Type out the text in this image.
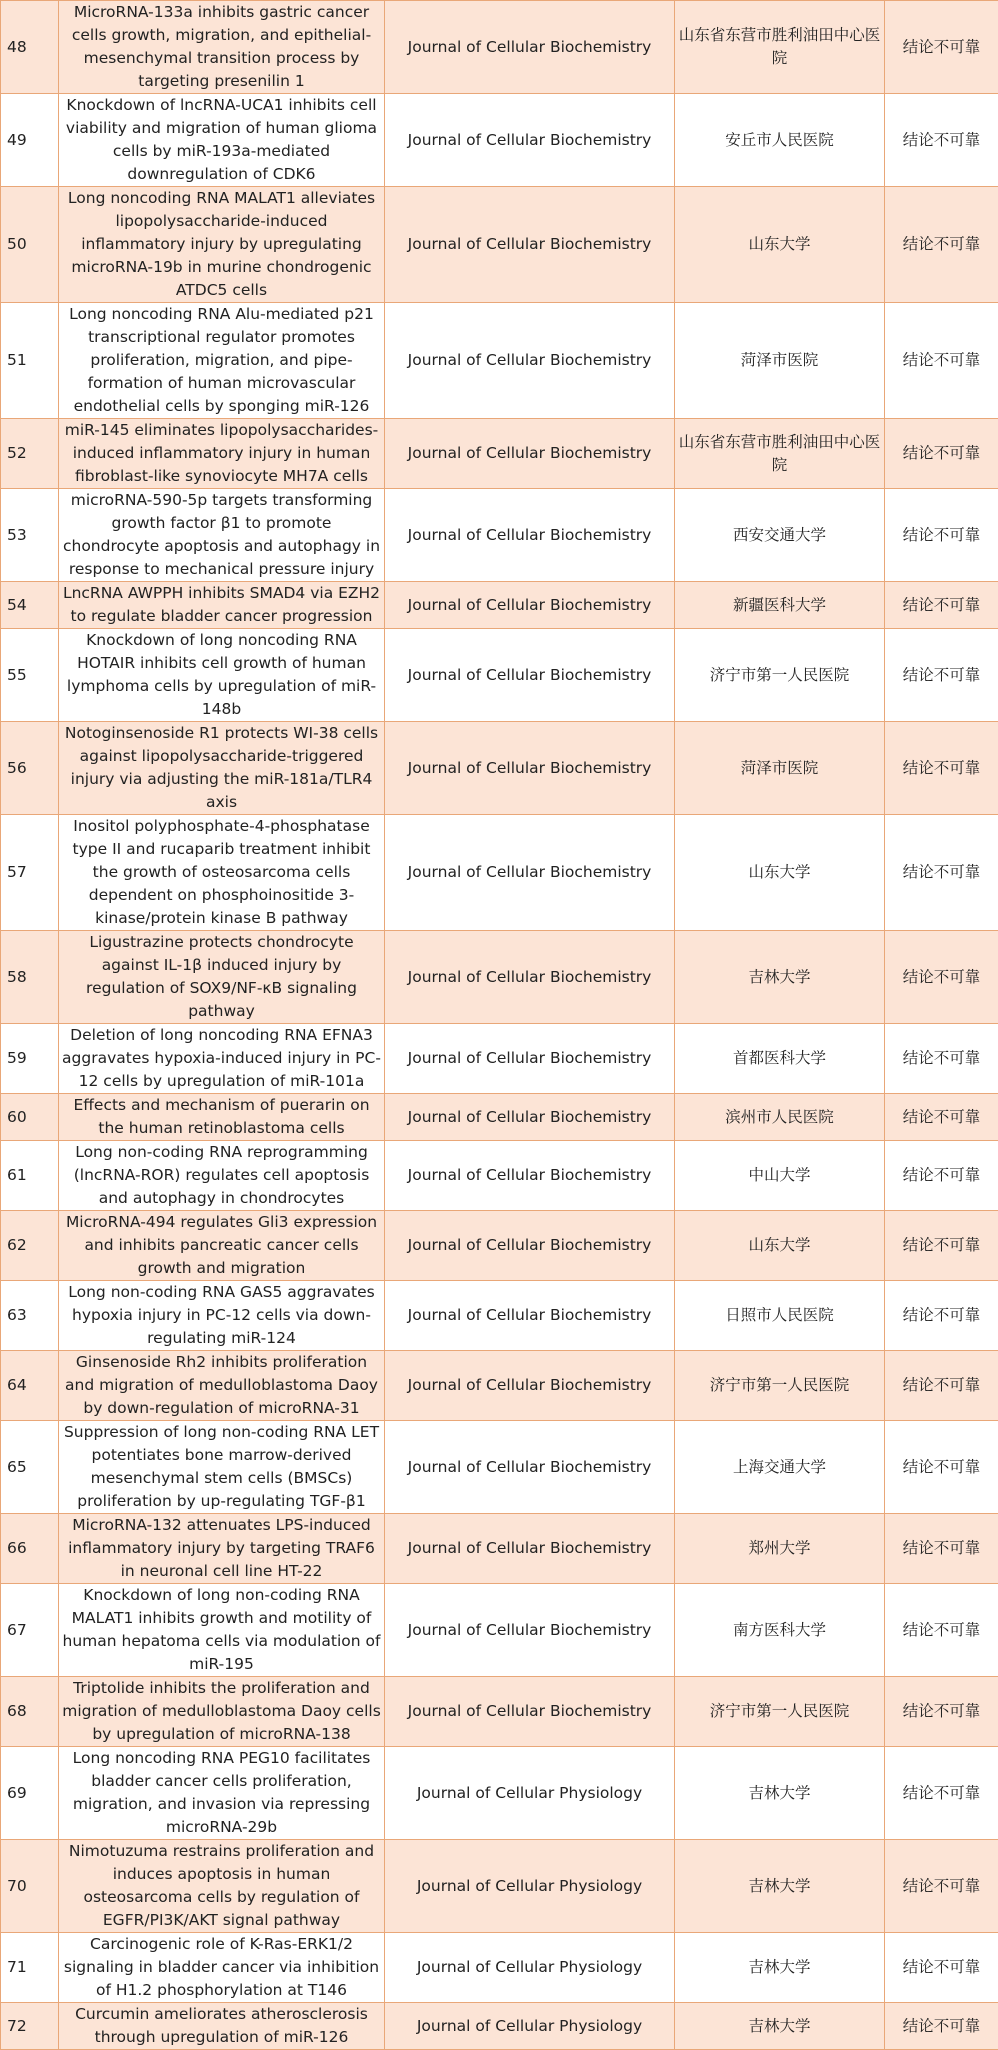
48	MicroRNA-133a inhibits gastric cancer cells growth, migration, and epithelial-mesenchymal transition process by targeting presenilin 1	Journal of Cellular Biochemistry	山东省东营市胜利油田中心医院	结论不可靠
49	Knockdown of lncRNA-UCA1 inhibits cell viability and migration of human glioma cells by miR-193a-mediated downregulation of CDK6	Journal of Cellular Biochemistry	安丘市人民医院	结论不可靠
50	Long noncoding RNA MALAT1 alleviates lipopolysaccharide-induced inflammatory injury by upregulating microRNA-19b in murine chondrogenic ATDC5 cells	Journal of Cellular Biochemistry	山东大学	结论不可靠
51	Long noncoding RNA Alu-mediated p21 transcriptional regulator promotes proliferation, migration, and pipe-formation of human microvascular endothelial cells by sponging miR-126	Journal of Cellular Biochemistry	菏泽市医院	结论不可靠
52	miR-145 eliminates lipopolysaccharides-induced inflammatory injury in human fibroblast-like synoviocyte MH7A cells	Journal of Cellular Biochemistry	山东省东营市胜利油田中心医院	结论不可靠
53	microRNA-590-5p targets transforming growth factor β1 to promote chondrocyte apoptosis and autophagy in response to mechanical pressure injury	Journal of Cellular Biochemistry	西安交通大学	结论不可靠
54	LncRNA AWPPH inhibits SMAD4 via EZH2 to regulate bladder cancer progression	Journal of Cellular Biochemistry	新疆医科大学	结论不可靠
55	Knockdown of long noncoding RNA HOTAIR inhibits cell growth of human lymphoma cells by upregulation of miR-148b	Journal of Cellular Biochemistry	济宁市第一人民医院	结论不可靠
56	Notoginsenoside R1 protects WI-38 cells against lipopolysaccharide-triggered injury via adjusting the miR-181a/TLR4 axis	Journal of Cellular Biochemistry	菏泽市医院	结论不可靠
57	Inositol polyphosphate-4-phosphatase type II and rucaparib treatment inhibit the growth of osteosarcoma cells dependent on phosphoinositide 3-kinase/protein kinase B pathway	Journal of Cellular Biochemistry	山东大学	结论不可靠
58	Ligustrazine protects chondrocyte against IL-1β induced injury by regulation of SOX9/NF-κB signaling pathway	Journal of Cellular Biochemistry	吉林大学	结论不可靠
59	Deletion of long noncoding RNA EFNA3 aggravates hypoxia-induced injury in PC-12 cells by upregulation of miR-101a	Journal of Cellular Biochemistry	首都医科大学	结论不可靠
60	Effects and mechanism of puerarin on the human retinoblastoma cells	Journal of Cellular Biochemistry	滨州市人民医院	结论不可靠
61	Long non-coding RNA reprogramming (lncRNA-ROR) regulates cell apoptosis and autophagy in chondrocytes	Journal of Cellular Biochemistry	中山大学	结论不可靠
62	MicroRNA-494 regulates Gli3 expression and inhibits pancreatic cancer cells growth and migration	Journal of Cellular Biochemistry	山东大学	结论不可靠
63	Long non-coding RNA GAS5 aggravates hypoxia injury in PC-12 cells via down-regulating miR-124	Journal of Cellular Biochemistry	日照市人民医院	结论不可靠
64	Ginsenoside Rh2 inhibits proliferation and migration of medulloblastoma Daoy by down-regulation of microRNA-31	Journal of Cellular Biochemistry	济宁市第一人民医院	结论不可靠
65	Suppression of long non-coding RNA LET potentiates bone marrow-derived mesenchymal stem cells (BMSCs) proliferation by up-regulating TGF-β1	Journal of Cellular Biochemistry	上海交通大学	结论不可靠
66	MicroRNA-132 attenuates LPS-induced inflammatory injury by targeting TRAF6 in neuronal cell line HT-22	Journal of Cellular Biochemistry	郑州大学	结论不可靠
67	Knockdown of long non-coding RNA MALAT1 inhibits growth and motility of human hepatoma cells via modulation of miR-195	Journal of Cellular Biochemistry	南方医科大学	结论不可靠
68	Triptolide inhibits the proliferation and migration of medulloblastoma Daoy cells by upregulation of microRNA-138	Journal of Cellular Biochemistry	济宁市第一人民医院	结论不可靠
69	Long noncoding RNA PEG10 facilitates bladder cancer cells proliferation, migration, and invasion via repressing microRNA-29b	Journal of Cellular Physiology	吉林大学	结论不可靠
70	Nimotuzuma restrains proliferation and induces apoptosis in human osteosarcoma cells by regulation of EGFR/PI3K/AKT signal pathway	Journal of Cellular Physiology	吉林大学	结论不可靠
71	Carcinogenic role of K-Ras-ERK1/2 signaling in bladder cancer via inhibition of H1.2 phosphorylation at T146	Journal of Cellular Physiology	吉林大学	结论不可靠
72	Curcumin ameliorates atherosclerosis through upregulation of miR-126	Journal of Cellular Physiology	吉林大学	结论不可靠
